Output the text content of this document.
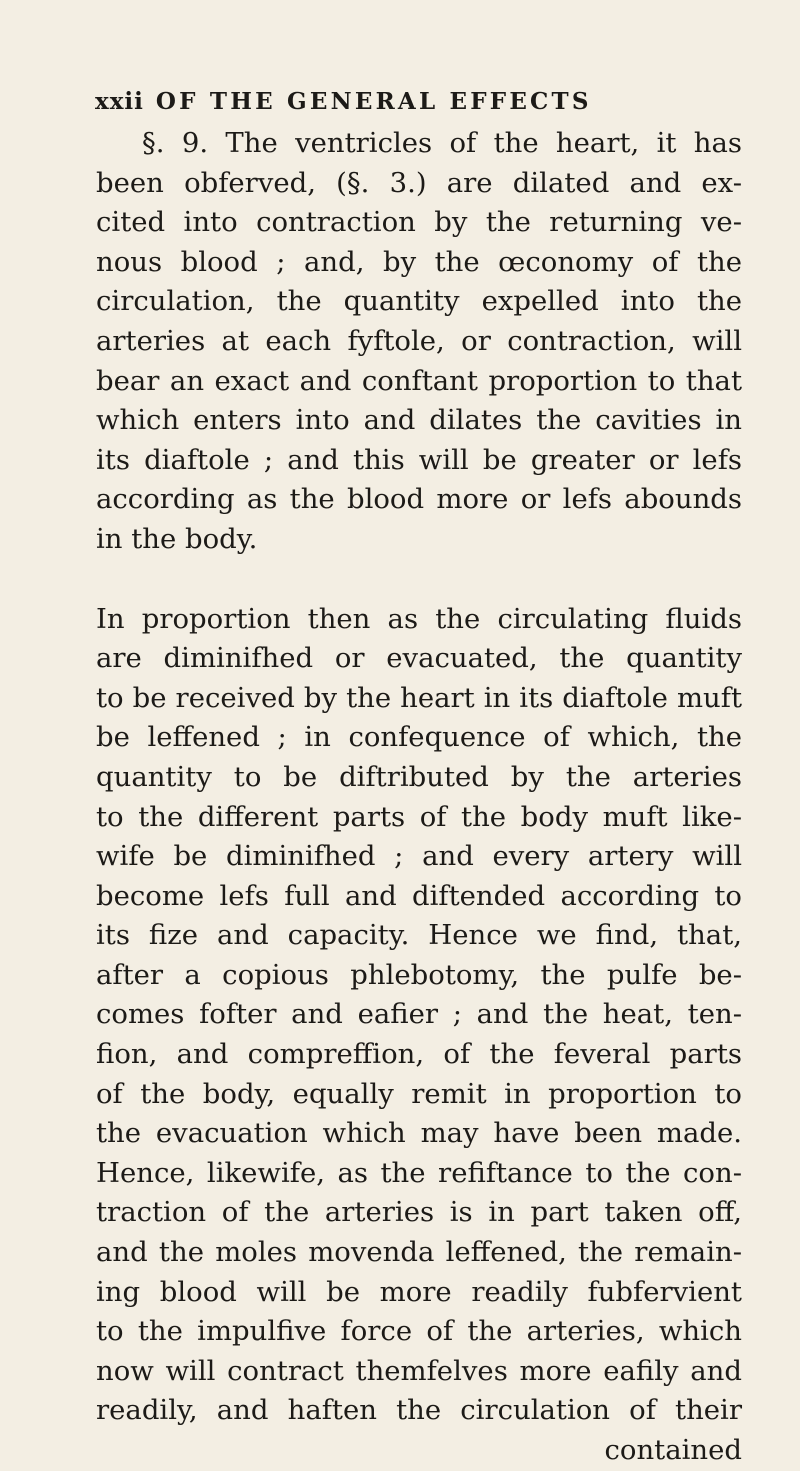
xxii OF THE GENERAL EFFECTS
§. 9. The ventricles of the heart, it has
been obferved, (§. 3.) are dilated and ex-
cited into contraction by the returning ve-
nous blood ; and, by the œconomy of the
circulation, the quantity expelled into the
arteries at each fyftole, or contraction, will
bear an exact and conftant proportion to that
which enters into and dilates the cavities in
its diaftole ; and this will be greater or lefs
according as the blood more or lefs abounds
in the body.
In proportion then as the circulating fluids
are diminifhed or evacuated, the quantity
to be received by the heart in its diaftole muft
be leffened ; in confequence of which, the
quantity to be diftributed by the arteries
to the different parts of the body muft like-
wife be diminifhed ; and every artery will
become lefs full and diftended according to
its fize and capacity. Hence we find, that,
after a copious phlebotomy, the pulfe be-
comes fofter and eafier ; and the heat, ten-
fion, and compreffion, of the feveral parts
of the body, equally remit in proportion to
the evacuation which may have been made.
Hence, likewife, as the refiftance to the con-
traction of the arteries is in part taken off,
and the moles movenda leffened, the remain-
ing blood will be more readily fubfervient
to the impulfive force of the arteries, which
now will contract themfelves more eafily and
readily, and haften the circulation of their
contained
